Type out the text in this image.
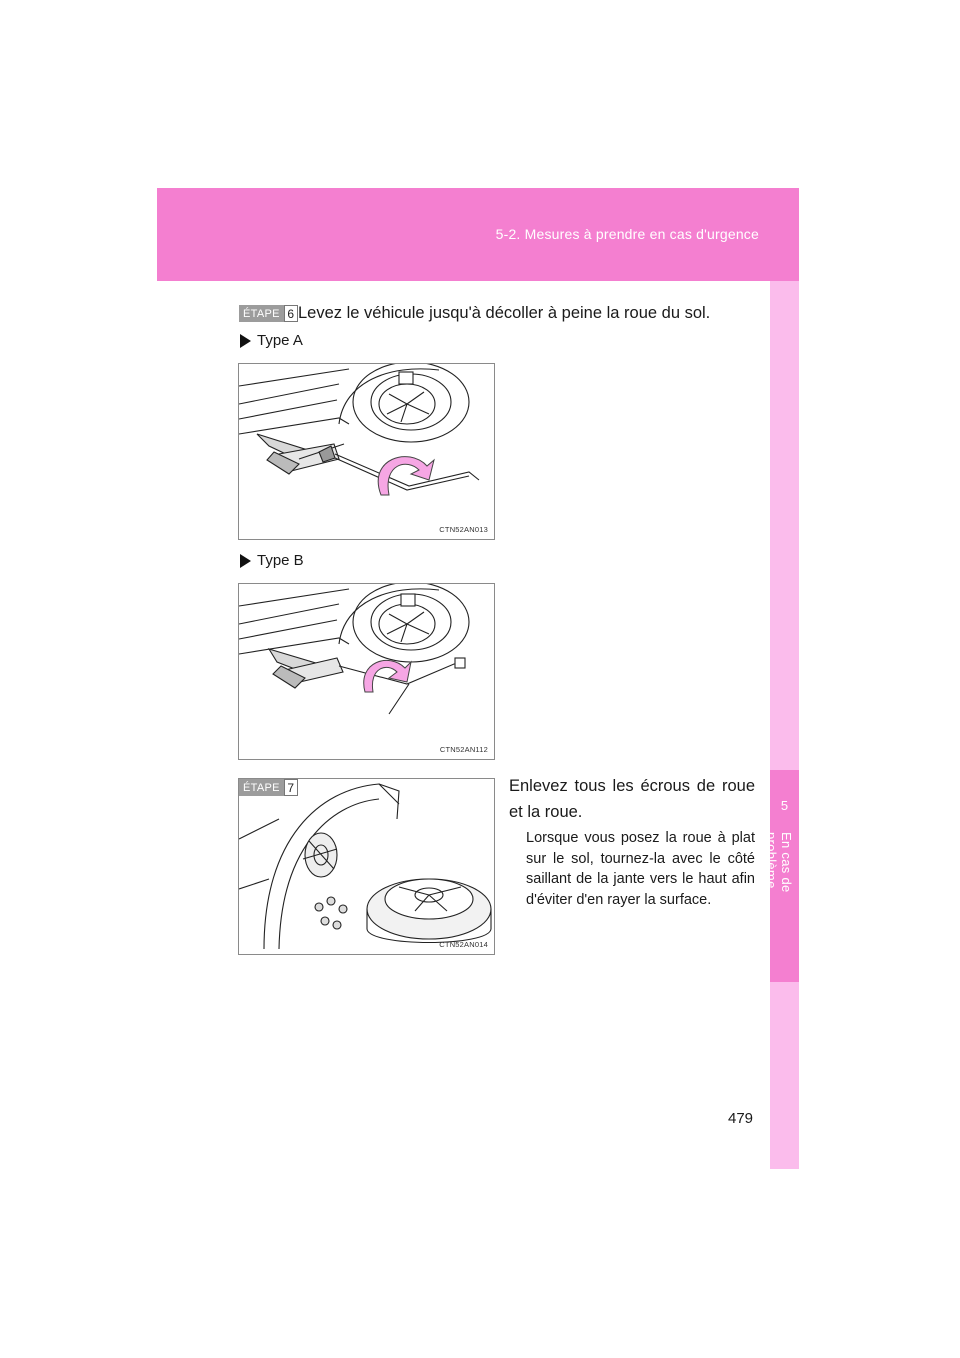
5-2. Mesures à prendre en cas d'urgence
5
En cas de problème
ÉTAPE 6 Levez le véhicule jusqu'à décoller à peine la roue du sol.
Type A
CTN52AN013
Type B
CTN52AN112
CTN52AN014
ÉTAPE 7	Enlevez tous les écrous de roue et la roue.
Lorsque vous posez la roue à plat sur le sol, tournez-la avec le côté saillant de la jante vers le haut afin d'éviter d'en rayer la surface.
479
